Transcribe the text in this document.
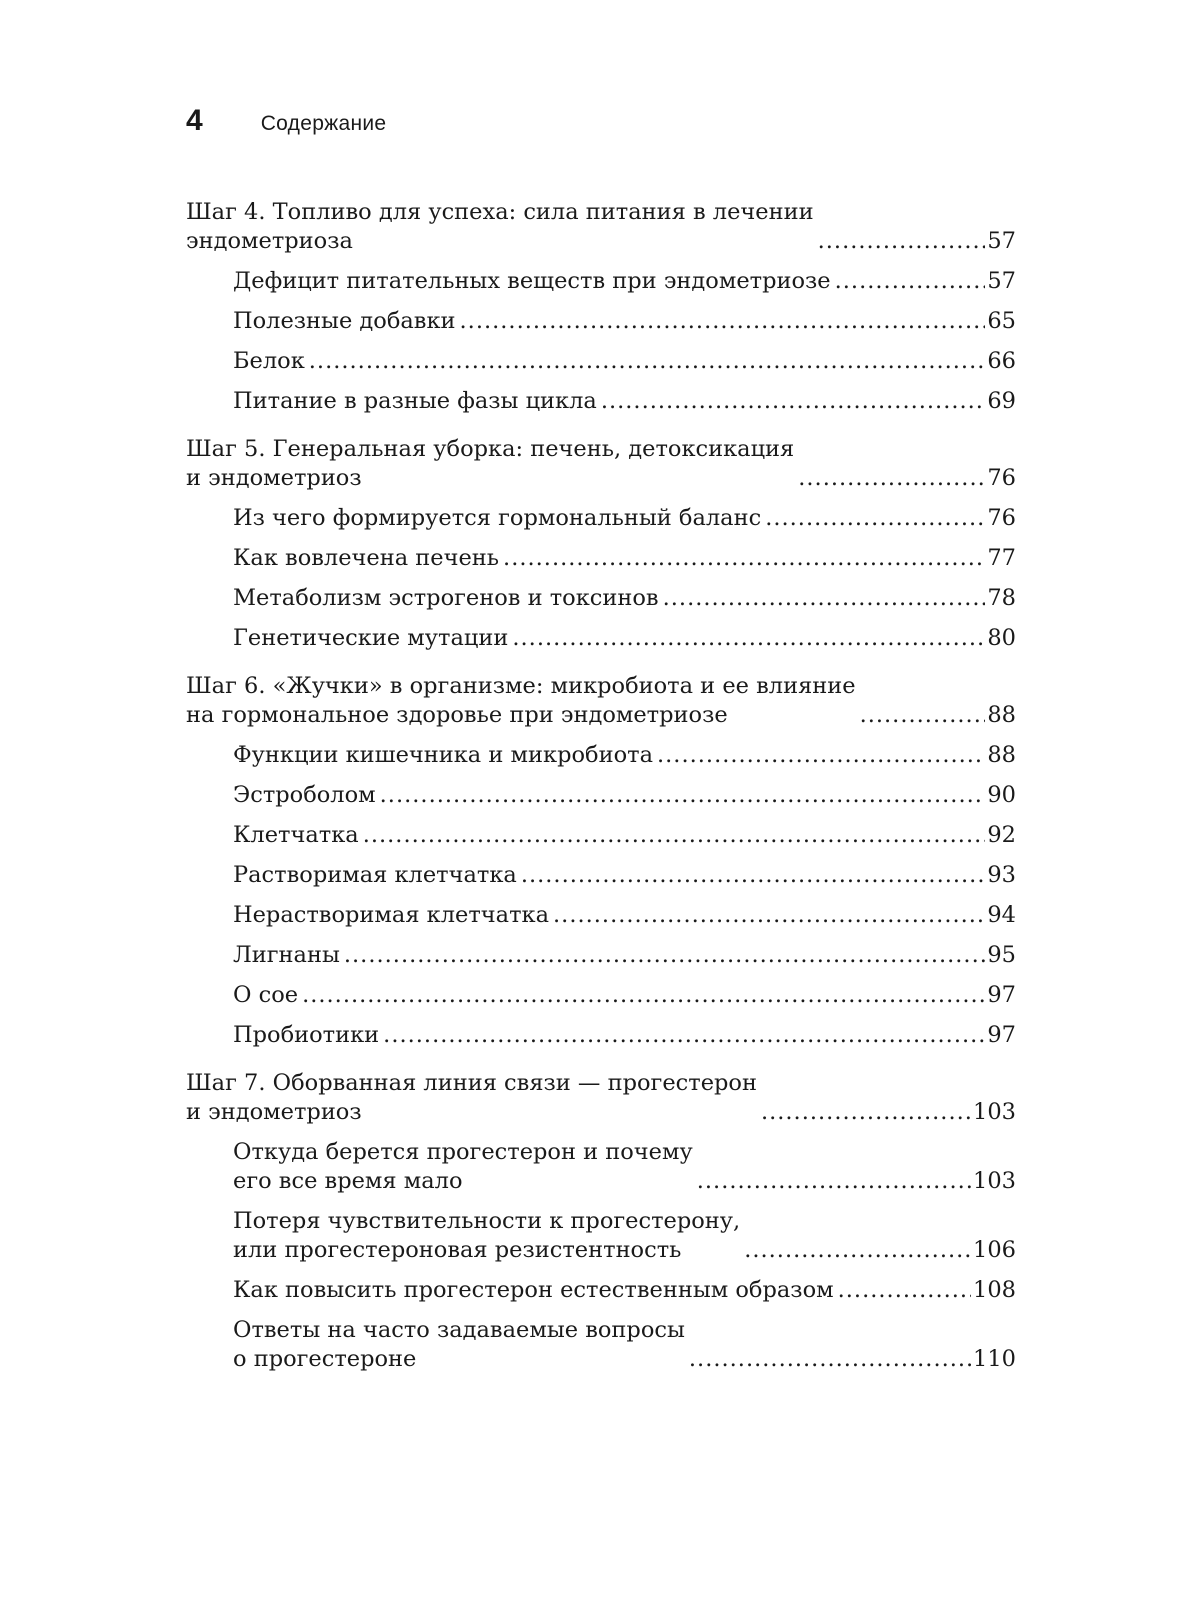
4	Содержание
Шаг 4. Топливо для успеха: сила питания в лечении
эндометриоза .....	57
Дефицит питательных веществ при эндометриозе .....	57
Полезные добавки .....	65
Белок .....	66
Питание в разные фазы цикла .....	69
Шаг 5. Генеральная уборка: печень, детоксикация
и эндометриоз .....	76
Из чего формируется гормональный баланс .....	76
Как вовлечена печень .....	77
Метаболизм эстрогенов и токсинов .....	78
Генетические мутации .....	80
Шаг 6. «Жучки» в организме: микробиота и ее влияние
на гормональное здоровье при эндометриозе .....	88
Функции кишечника и микробиота .....	88
Эстроболом .....	90
Клетчатка .....	92
Растворимая клетчатка .....	93
Нерастворимая клетчатка .....	94
Лигнаны .....	95
О сое .....	97
Пробиотики .....	97
Шаг 7. Оборванная линия связи — прогестерон
и эндометриоз .....	103
Откуда берется прогестерон и почему
его все время мало .....	103
Потеря чувствительности к прогестерону,
или прогестероновая резистентность .....	106
Как повысить прогестерон естественным образом .....	108
Ответы на часто задаваемые вопросы
о прогестероне .....	110
